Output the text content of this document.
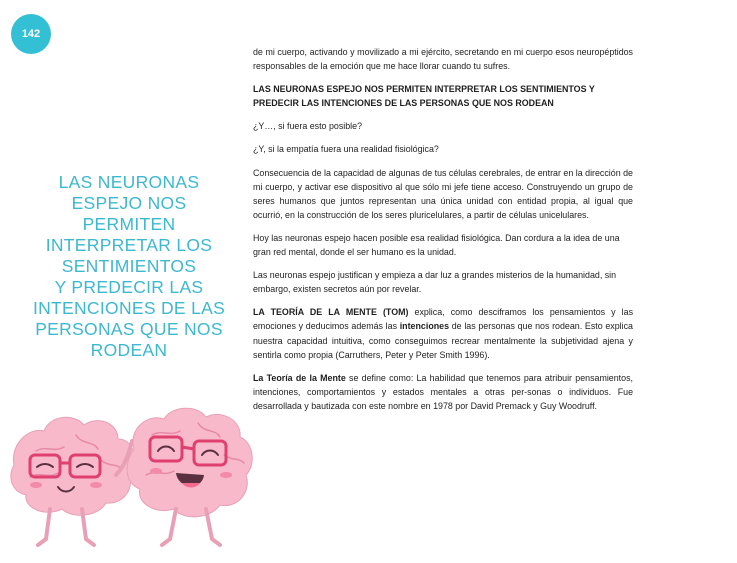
142
LAS NEURONAS
ESPEJO NOS
PERMITEN
INTERPRETAR LOS
SENTIMIENTOS
Y PREDECIR LAS
INTENCIONES DE LAS
PERSONAS QUE NOS
RODEAN

de mi cuerpo, activando y movilizado a mi ejército, secretando en mi cuerpo esos neuropéptidos responsables de la emoción que me hace llorar cuando tu sufres.

LAS NEURONAS ESPEJO NOS PERMITEN INTERPRETAR LOS SENTIMIENTOS Y PREDECIR LAS INTENCIONES DE LAS PERSONAS QUE NOS RODEAN

¿Y…, si fuera esto posible?

¿Y, si la empatía fuera una realidad fisiológica?

Consecuencia de la capacidad de algunas de tus células cerebrales, de entrar en la dirección de mi cuerpo, y activar ese dispositivo al que sólo mi jefe tiene acceso. Construyendo un grupo de seres humanos que juntos representan una única unidad con entidad propia, al igual que ocurrió, en la construcción de los seres pluricelulares, a partir de células unicelulares.

Hoy las neuronas espejo hacen posible esa realidad fisiológica. Dan cordura a la idea de una gran red mental, donde el ser humano es la unidad.

Las neuronas espejo justifican y empieza a dar luz a grandes misterios de la humanidad, sin embargo, existen secretos aún por revelar.

LA TEORÍA DE LA MENTE (TOM) explica, como desciframos los pensamientos y las emociones y deducimos además las intenciones de las personas que nos rodean. Esto explica nuestra capacidad intuitiva, como conseguimos recrear mentalmente la subjetividad ajena y sentirla como propia (Carruthers, Peter y Peter Smith 1996).

La Teoría de la Mente se define como: La habilidad que tenemos para atribuir pensamientos, intenciones, comportamientos y estados mentales a otras per-sonas o individuos. Fue desarrollada y bautizada con este nombre en 1978 por David Premack y Guy Woodruff.
